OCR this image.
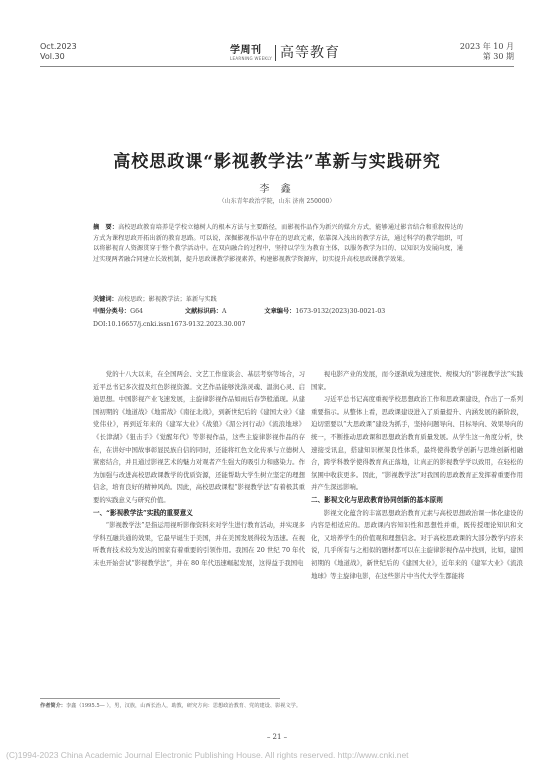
Oct.2023
Vol.30
学周刊
LEARNING WEEKLY 高等教育	2023 年 10 月
第 30 期
高校思政课“影视教学法”革新与实践研究
李 鑫
（山东青年政治学院，山东 济南 250000）
摘　要：高校思政教育培养是学校立德树人的根本方法与主要路径，而影视作品作为新兴的媒介方式，能够通过影音结合和重叙传达的方式为课程思政开拓出新的教育思路。可以说，深掘影视作品中存在的思政元素，依靠深入浅出的教学方法，通过科学的教学组织，可以将影视育人资源贯穿于整个教学活动中。在双向融合的过程中，坚持以学生为教育主体，以服务教学为目的、以知识为发展向度，通过实现两者融合同建立长效机制，提升思政课教学影视素养，构建影视教学资源库，切实提升高校思政课教学效果。
关键词：高校思政；影视教学法；革新与实践
中图分类号：G64	文献标识码：A	文章编号：1673-9132(2023)30-0021-03
DOI:10.16657/j.cnki.issn1673-9132.2023.30.007

党的十八大以来，在全国两会、文艺工作座谈会、基层考察等场合，习近平总书记多次提及红色影视资源。文艺作品能够洗涤灵魂、温润心灵、启迪思想。中国影视产业飞速发展，主旋律影视作品如雨后春笋般涌现。从建国初期的《地道战》《地雷战》《南征北战》，到新世纪后的《建国大业》《建党伟业》，再到近年来的《建军大业》《战狼》《湄公河行动》《流浪地球》《长津湖》《狙击手》《觉醒年代》等影视作品，这些主旋律影视作品的存在，在讲好中国故事彰显民族自信的同时，还能将红色文化传承与立德树人紧密结合，并且通过影视艺术的魅力对观者产生强大的吸引力和感染力。作为加强与改进高校思政课教学的优质资源，还能帮助大学生树立坚定的理想信念，培育良好的精神风尚。因此，高校思政课程“影视教学法”有着极其重要的实践意义与研究价值。

一、“影视教学法”实践的重要意义

“影视教学法”是指运用视听影像资料来对学生进行教育活动，并实现多学科互融共通的效果，它最早诞生于美国，并在美国发展得较为迅速。在视听教育技术较为发达的国家有着重要的引领作用。我国在 20 世纪 70 年代末也开始尝试“影视教学法”，并在 80 年代迅速崛起发展，这得益于我国电

视电影产业的发展，而今逐渐成为速度快、规模大的“影视教学法”实践国家。

习近平总书记高度重视学校思想政治工作和思政课建设，作出了一系列重要指示。从整体上看，思政课建设进入了质量提升、内涵发展的新阶段，迫切需要以“大思政课”建设为抓手，坚持问题导向、目标导向、效果导向的统一，不断推动思政课和思想政治教育质量发展。从学生这一角度分析，快速接受讯息，搭建知识框架良性体系，最终使得教学创新与思维创新相融合，跨学科教学使得教育真正落地，让真正的影视教学学以致用，在轻松的氛围中收获更多。因此，“影视教学法”对我国的思政教育正发挥着重要作用并产生深远影响。

二、影视文化与思政教育协同创新的基本原则

影视文化蕴含的丰富思想政治教育元素与高校思想政治课一体化建设的内容是相适应的。思政课内容知识性和思想性并重，既传授理论知识和文化，又培养学生的价值观和理想信念。对于高校思政课的大部分教学内容来说，几乎所有与之相似的题材都可以在主旋律影视作品中找到，比如，建国初期的《地道战》，新世纪后的《建国大业》，近年来的《建军大业》《流浪地球》等主旋律电影，在这些影片中当代大学生都能将

作者简介：李鑫（1995.5— ），男，汉族，山西长治人，助教，研究方向：思想政治教育、党的建设、影视文学。
– 21 –
(C)1994-2023 China Academic Journal Electronic Publishing House. All rights reserved. http://www.cnki.net
